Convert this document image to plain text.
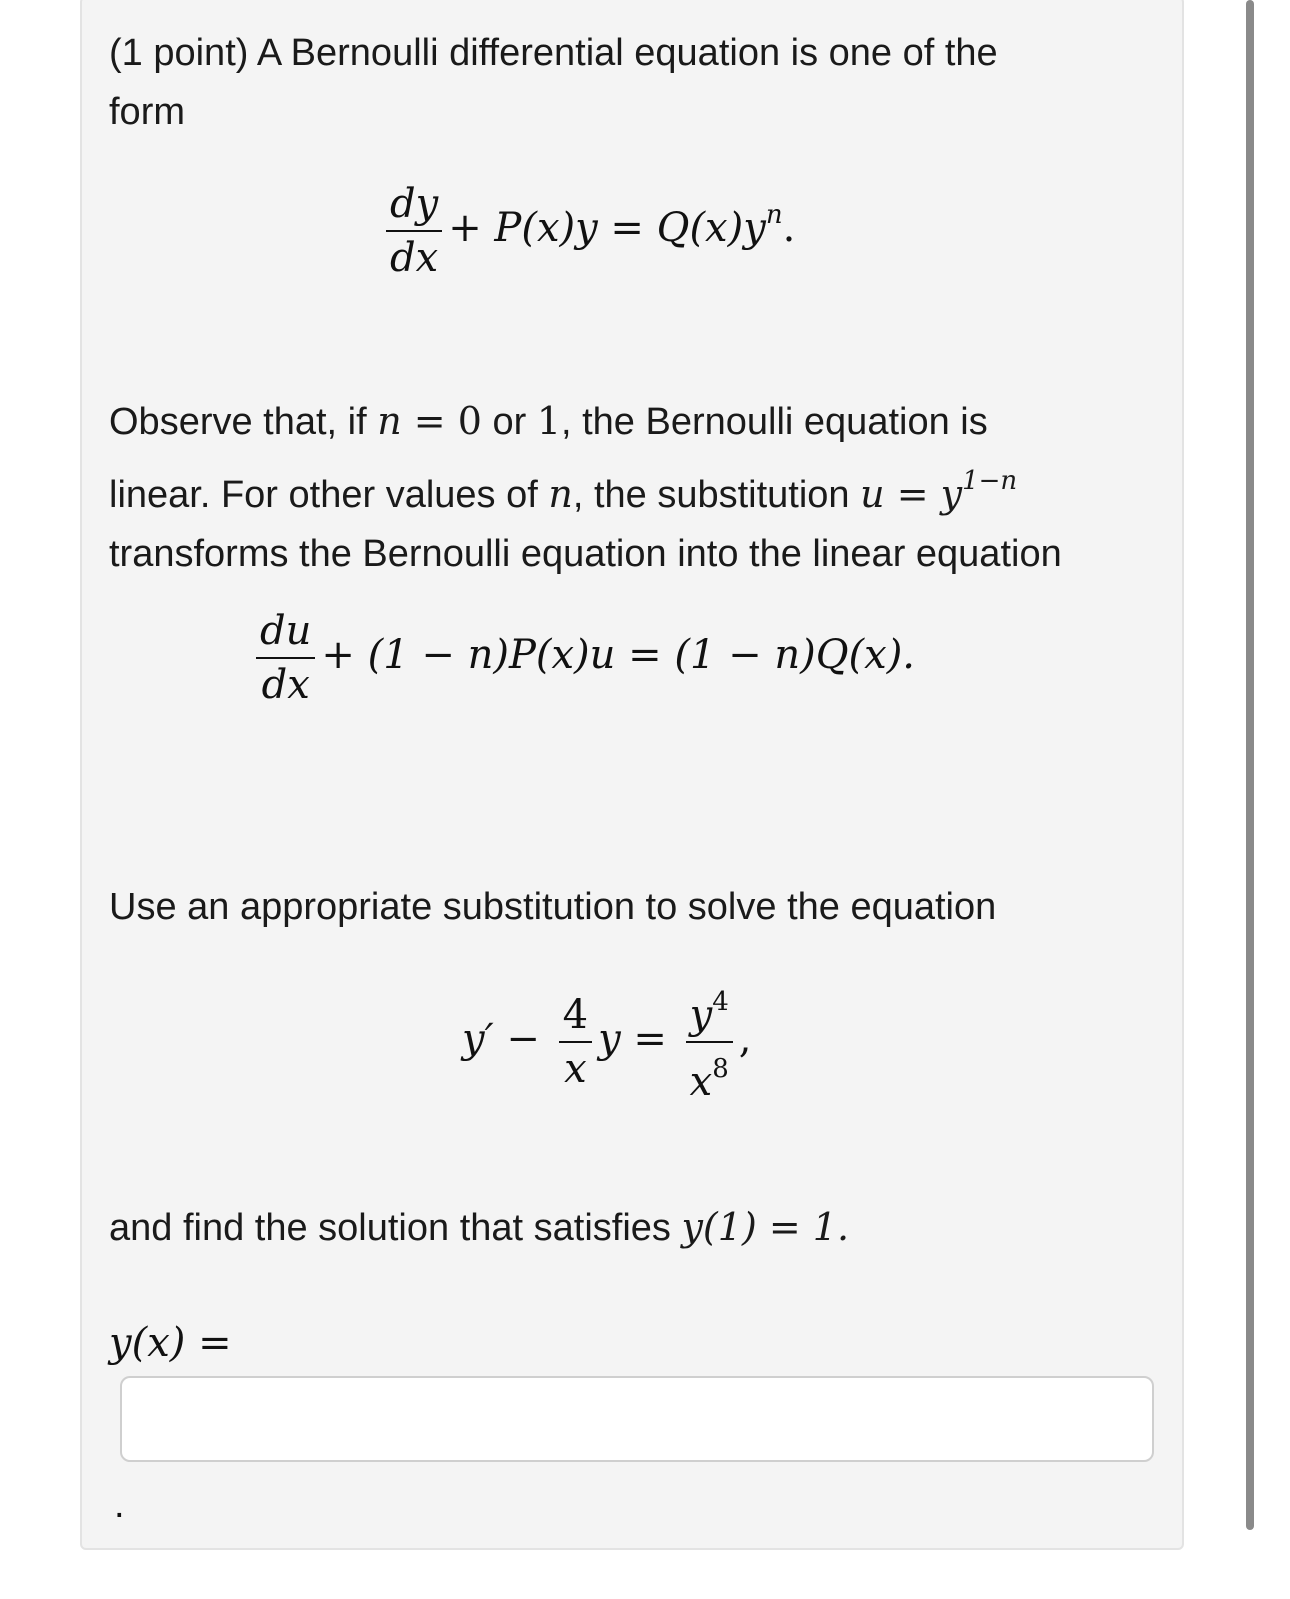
(1 point) A Bernoulli differential equation is one of the
form

$\frac{dy}{dx} + P(x)y = Q(x)y^n$.

Observe that, if n = 0 or 1, the Bernoulli equation is
linear. For other values of n, the substitution $u = y^{1-n}$
transforms the Bernoulli equation into the linear equation

$\frac{du}{dx} + (1 - n)P(x)u = (1 - n)Q(x)$.

Use an appropriate substitution to solve the equation

$y' - \frac{4}{x}$ $y = \frac{y^4}{x^8}$ ,

and find the solution that satisfies y(1) = 1.

y(x) =
.
